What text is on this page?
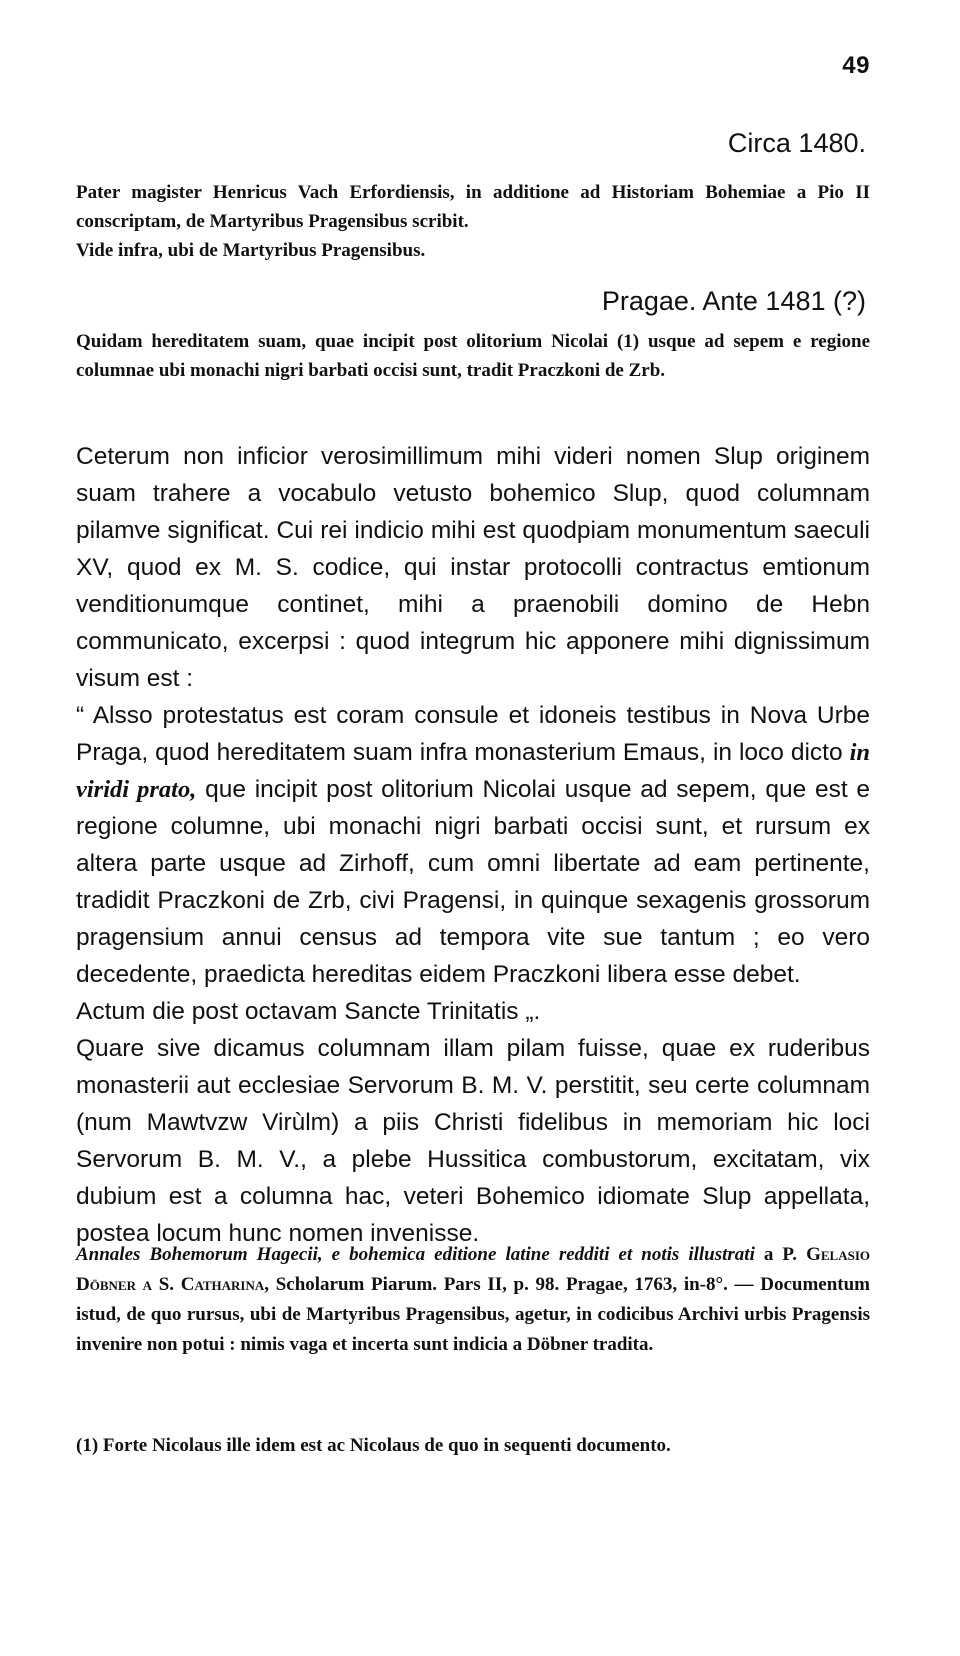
49
Circa 1480.

Pater magister Henricus Vach Erfordiensis, in additione ad Historiam Bohemiae a Pio II conscriptam, de Martyribus Pragensibus scribit.

Vide infra, ubi de Martyribus Pragensibus.

Pragae. Ante 1481 (?)

Quidam hereditatem suam, quae incipit post olitorium Nicolai (1) usque ad sepem e regione columnae ubi monachi nigri barbati occisi sunt, tradit Praczkoni de Zrb.

Ceterum non inficior verosimillimum mihi videri nomen Slup originem suam trahere a vocabulo vetusto bohemico Slup, quod columnam pilamve significat. Cui rei indicio mihi est quodpiam monumentum saeculi XV, quod ex M. S. codice, qui instar protocolli contractus emtionum venditionumque continet, mihi a praenobili domino de Hebn communicato, excerpsi : quod integrum hic apponere mihi dignissimum visum est :

“ Alsso protestatus est coram consule et idoneis testibus in Nova Urbe Praga, quod hereditatem suam infra monasterium Emaus, in loco dicto in viridi prato, que incipit post olitorium Nicolai usque ad sepem, que est e regione columne, ubi monachi nigri barbati occisi sunt, et rursum ex altera parte usque ad Zirhoff, cum omni libertate ad eam pertinente, tradidit Praczkoni de Zrb, civi Pragensi, in quinque sexagenis grossorum pragensium annui census ad tempora vite sue tantum ; eo vero decedente, praedicta hereditas eidem Praczkoni libera esse debet.

Actum die post octavam Sancte Trinitatis „.

Quare sive dicamus columnam illam pilam fuisse, quae ex ruderibus monasterii aut ecclesiae Servorum B. M. V. perstitit, seu certe columnam (num Mawtvzw Virùlm) a piis Christi fidelibus in memoriam hic loci Servorum B. M. V., a plebe Hussitica combustorum, excitatam, vix dubium est a columna hac, veteri Bohemico idiomate Slup appellata, postea locum hunc nomen invenisse.

Annales Bohemorum Hagecii, e bohemica editione latine redditi et notis illustrati a P. Gelasio Döbner a S. Catharina, Scholarum Piarum. Pars II, p. 98. Pragae, 1763, in-8°. — Documentum istud, de quo rursus, ubi de Martyribus Pragensibus, agetur, in codicibus Archivi urbis Pragensis invenire non potui : nimis vaga et incerta sunt indicia a Döbner tradita.
(1) Forte Nicolaus ille idem est ac Nicolaus de quo in sequenti documento.
